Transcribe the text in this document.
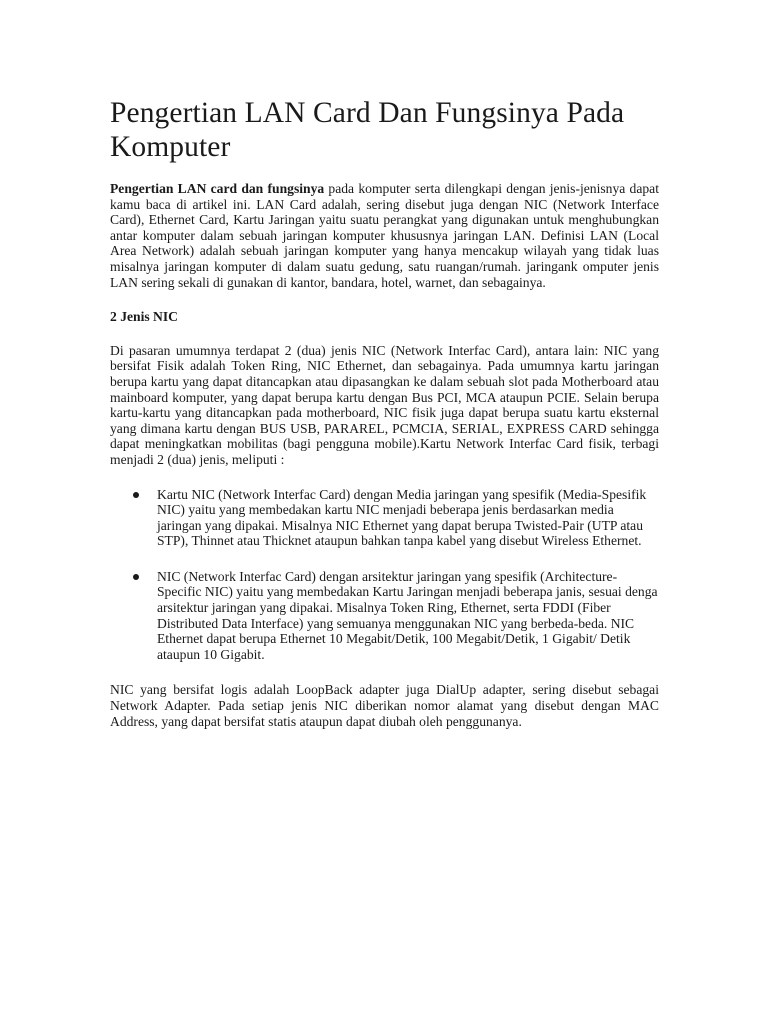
Pengertian LAN Card Dan Fungsinya Pada Komputer

Pengertian LAN card dan fungsinya pada komputer serta dilengkapi dengan jenis-jenisnya dapat kamu baca di artikel ini. LAN Card adalah, sering disebut juga dengan NIC (Network Interface Card), Ethernet Card, Kartu Jaringan yaitu suatu perangkat yang digunakan untuk menghubungkan antar komputer dalam sebuah jaringan komputer khususnya jaringan LAN. Definisi LAN (Local Area Network) adalah sebuah jaringan komputer yang hanya mencakup wilayah yang tidak luas misalnya jaringan komputer di dalam suatu gedung, satu ruangan/rumah. jaringank omputer jenis LAN sering sekali di gunakan di kantor, bandara, hotel, warnet, dan sebagainya.

2 Jenis NIC

Di pasaran umumnya terdapat 2 (dua) jenis NIC (Network Interfac Card), antara lain: NIC yang bersifat Fisik adalah Token Ring, NIC Ethernet, dan sebagainya. Pada umumnya kartu jaringan berupa kartu yang dapat ditancapkan atau dipasangkan ke dalam sebuah slot pada Motherboard atau mainboard komputer, yang dapat berupa kartu dengan Bus PCI, MCA ataupun PCIE. Selain berupa kartu-kartu yang ditancapkan pada motherboard, NIC fisik juga dapat berupa suatu kartu eksternal yang dimana kartu dengan BUS USB, PARAREL, PCMCIA, SERIAL, EXPRESS CARD sehingga dapat meningkatkan mobilitas (bagi pengguna mobile).Kartu Network Interfac Card fisik, terbagi menjadi 2 (dua) jenis, meliputi :

Kartu NIC (Network Interfac Card) dengan Media jaringan yang spesifik (Media-Spesifik NIC) yaitu yang membedakan kartu NIC menjadi beberapa jenis berdasarkan media jaringan yang dipakai. Misalnya NIC Ethernet yang dapat berupa Twisted-Pair (UTP atau STP), Thinnet atau Thicknet ataupun bahkan tanpa kabel yang disebut Wireless Ethernet.
NIC (Network Interfac Card) dengan arsitektur jaringan yang spesifik (Architecture-Specific NIC) yaitu yang membedakan Kartu Jaringan menjadi beberapa janis, sesuai denga arsitektur jaringan yang dipakai. Misalnya Token Ring, Ethernet, serta FDDI (Fiber Distributed Data Interface) yang semuanya menggunakan NIC yang berbeda-beda. NIC Ethernet dapat berupa Ethernet 10 Megabit/Detik, 100 Megabit/Detik, 1 Gigabit/ Detik ataupun 10 Gigabit.

NIC yang bersifat logis adalah LoopBack adapter juga DialUp adapter, sering disebut sebagai Network Adapter. Pada setiap jenis NIC diberikan nomor alamat yang disebut dengan MAC Address, yang dapat bersifat statis ataupun dapat diubah oleh penggunanya.
